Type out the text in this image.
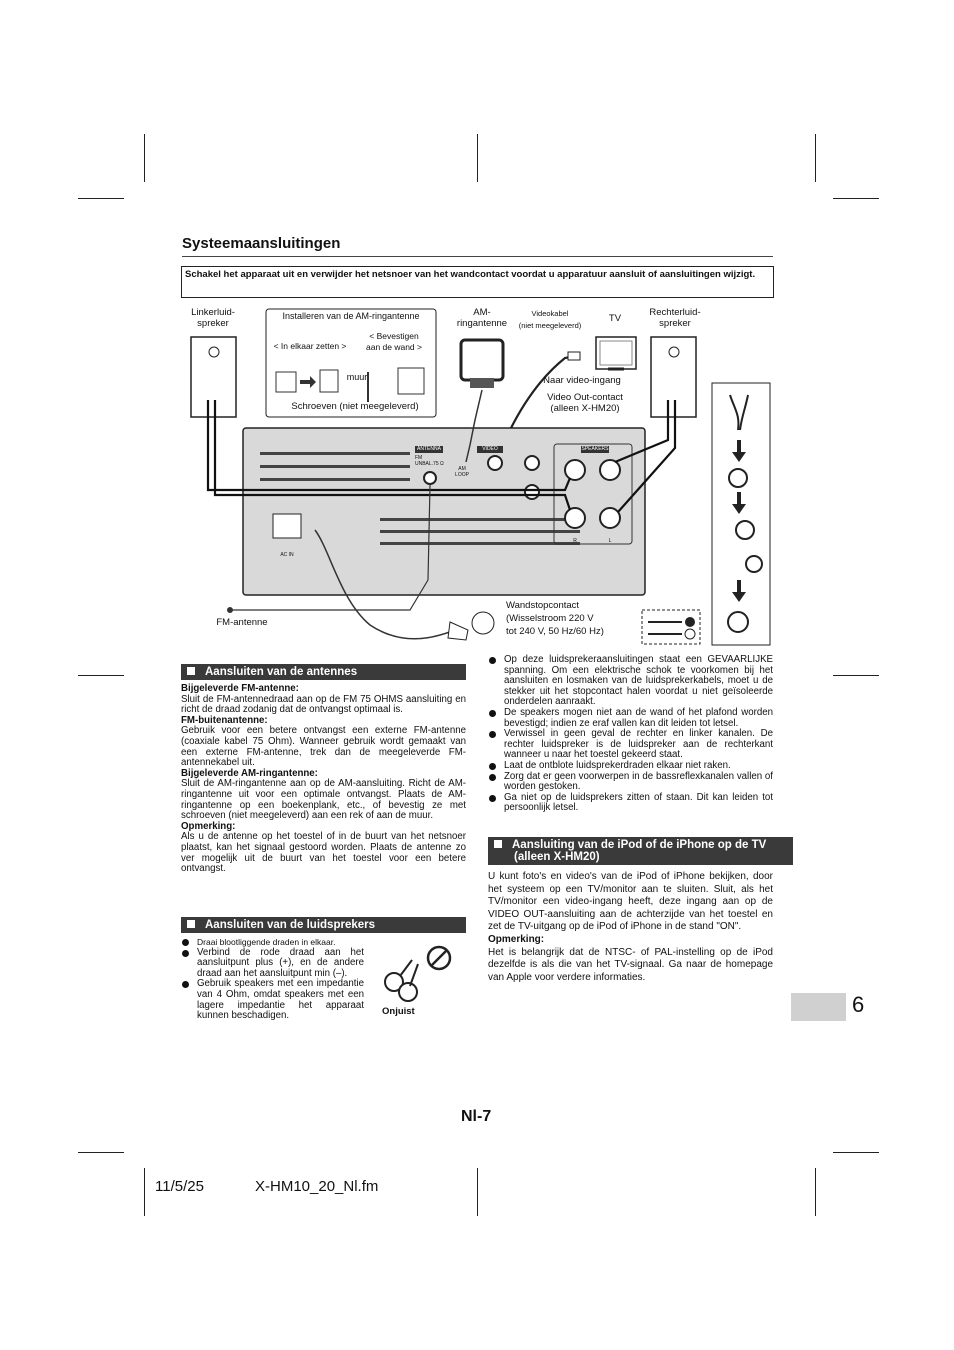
Systeemaansluitingen
Schakel het apparaat uit en verwijder het netsnoer van het wandcontact voordat u apparatuur aansluit of aansluitingen wijzigt.
Linkerluid-
spreker
Rechterluid-
spreker
Installeren van de AM-ringantenne
< In elkaar zetten >
< Bevestigen
aan de wand >
muur
Schroeven (niet meegeleverd)
AM-
ringantenne
Videokabel
(niet meegeleverd)
TV
Naar video-ingang
Video Out-contact
(alleen X-HM20)
ANTENNA
FM
UNBAL.75 Ω
AM
LOOP
VIDEO	SPEAKERS
AC IN
R	L
FM-antenne
Wandstopcontact
(Wisselstroom 220 V
tot 240 V, 50 Hz/60 Hz)
Aansluiten van de antennes
Bijgeleverde FM-antenne:
Sluit de FM-antennedraad aan op de FM 75 OHMS aansluiting en richt de draad zodanig dat de ontvangst optimaal is.
FM-buitenantenne:
Gebruik voor een betere ontvangst een externe FM-antenne (coaxiale kabel 75 Ohm). Wanneer gebruik wordt gemaakt van een externe FM-antenne, trek dan de meegeleverde FM-antennekabel uit.
Bijgeleverde AM-ringantenne:
Sluit de AM-ringantenne aan op de AM-aansluiting. Richt de AM-ringantenne uit voor een optimale ontvangst. Plaats de AM-ringantenne op een boekenplank, etc., of bevestig ze met schroeven (niet meegeleverd) aan een rek of aan de muur.
Opmerking:
Als u de antenne op het toestel of in de buurt van het netsnoer plaatst, kan het signaal gestoord worden. Plaats de antenne zo ver mogelijk uit de buurt van het toestel voor een betere ontvangst.
Aansluiten van de luidsprekers
Draai blootliggende draden in elkaar.
Verbind de rode draad aan het aansluitpunt plus (+), en de andere draad aan het aansluitpunt min (–).
Gebruik speakers met een impedantie van 4 Ohm, omdat speakers met een lagere impedantie het apparaat kunnen beschadigen.	Onjuist
Op deze luidsprekeraansluitingen staat een GEVAARLIJKE spanning. Om een elektrische schok te voorkomen bij het aansluiten en losmaken van de luidsprekerkabels, moet u de stekker uit het stopcontact halen voordat u niet geïsoleerde onderdelen aanraakt.
De speakers mogen niet aan de wand of het plafond worden bevestigd; indien ze eraf vallen kan dit leiden tot letsel.
Verwissel in geen geval de rechter en linker kanalen. De rechter luidspreker is de luidspreker aan de rechterkant wanneer u naar het toestel gekeerd staat.
Laat de ontblote luidsprekerdraden elkaar niet raken.
Zorg dat er geen voorwerpen in de bassreflexkanalen vallen of worden gestoken.
Ga niet op de luidsprekers zitten of staan. Dit kan leiden tot persoonlijk letsel.
Aansluiting van de iPod of de iPhone op de TV (alleen X-HM20)
U kunt foto's en video's van de iPod of iPhone bekijken, door het systeem op een TV/monitor aan te sluiten. Sluit, als het TV/monitor een video-ingang heeft, deze ingang aan op de VIDEO OUT-aansluiting aan de achterzijde van het toestel en zet de TV-uitgang op de iPod of iPhone in de stand "ON".
Opmerking:
Het is belangrijk dat de NTSC- of PAL-instelling op de iPod dezelfde is als die van het TV-signaal. Ga naar de homepage van Apple voor verdere informaties.
6
Nl-7
11/5/25	X-HM10_20_Nl.fm
